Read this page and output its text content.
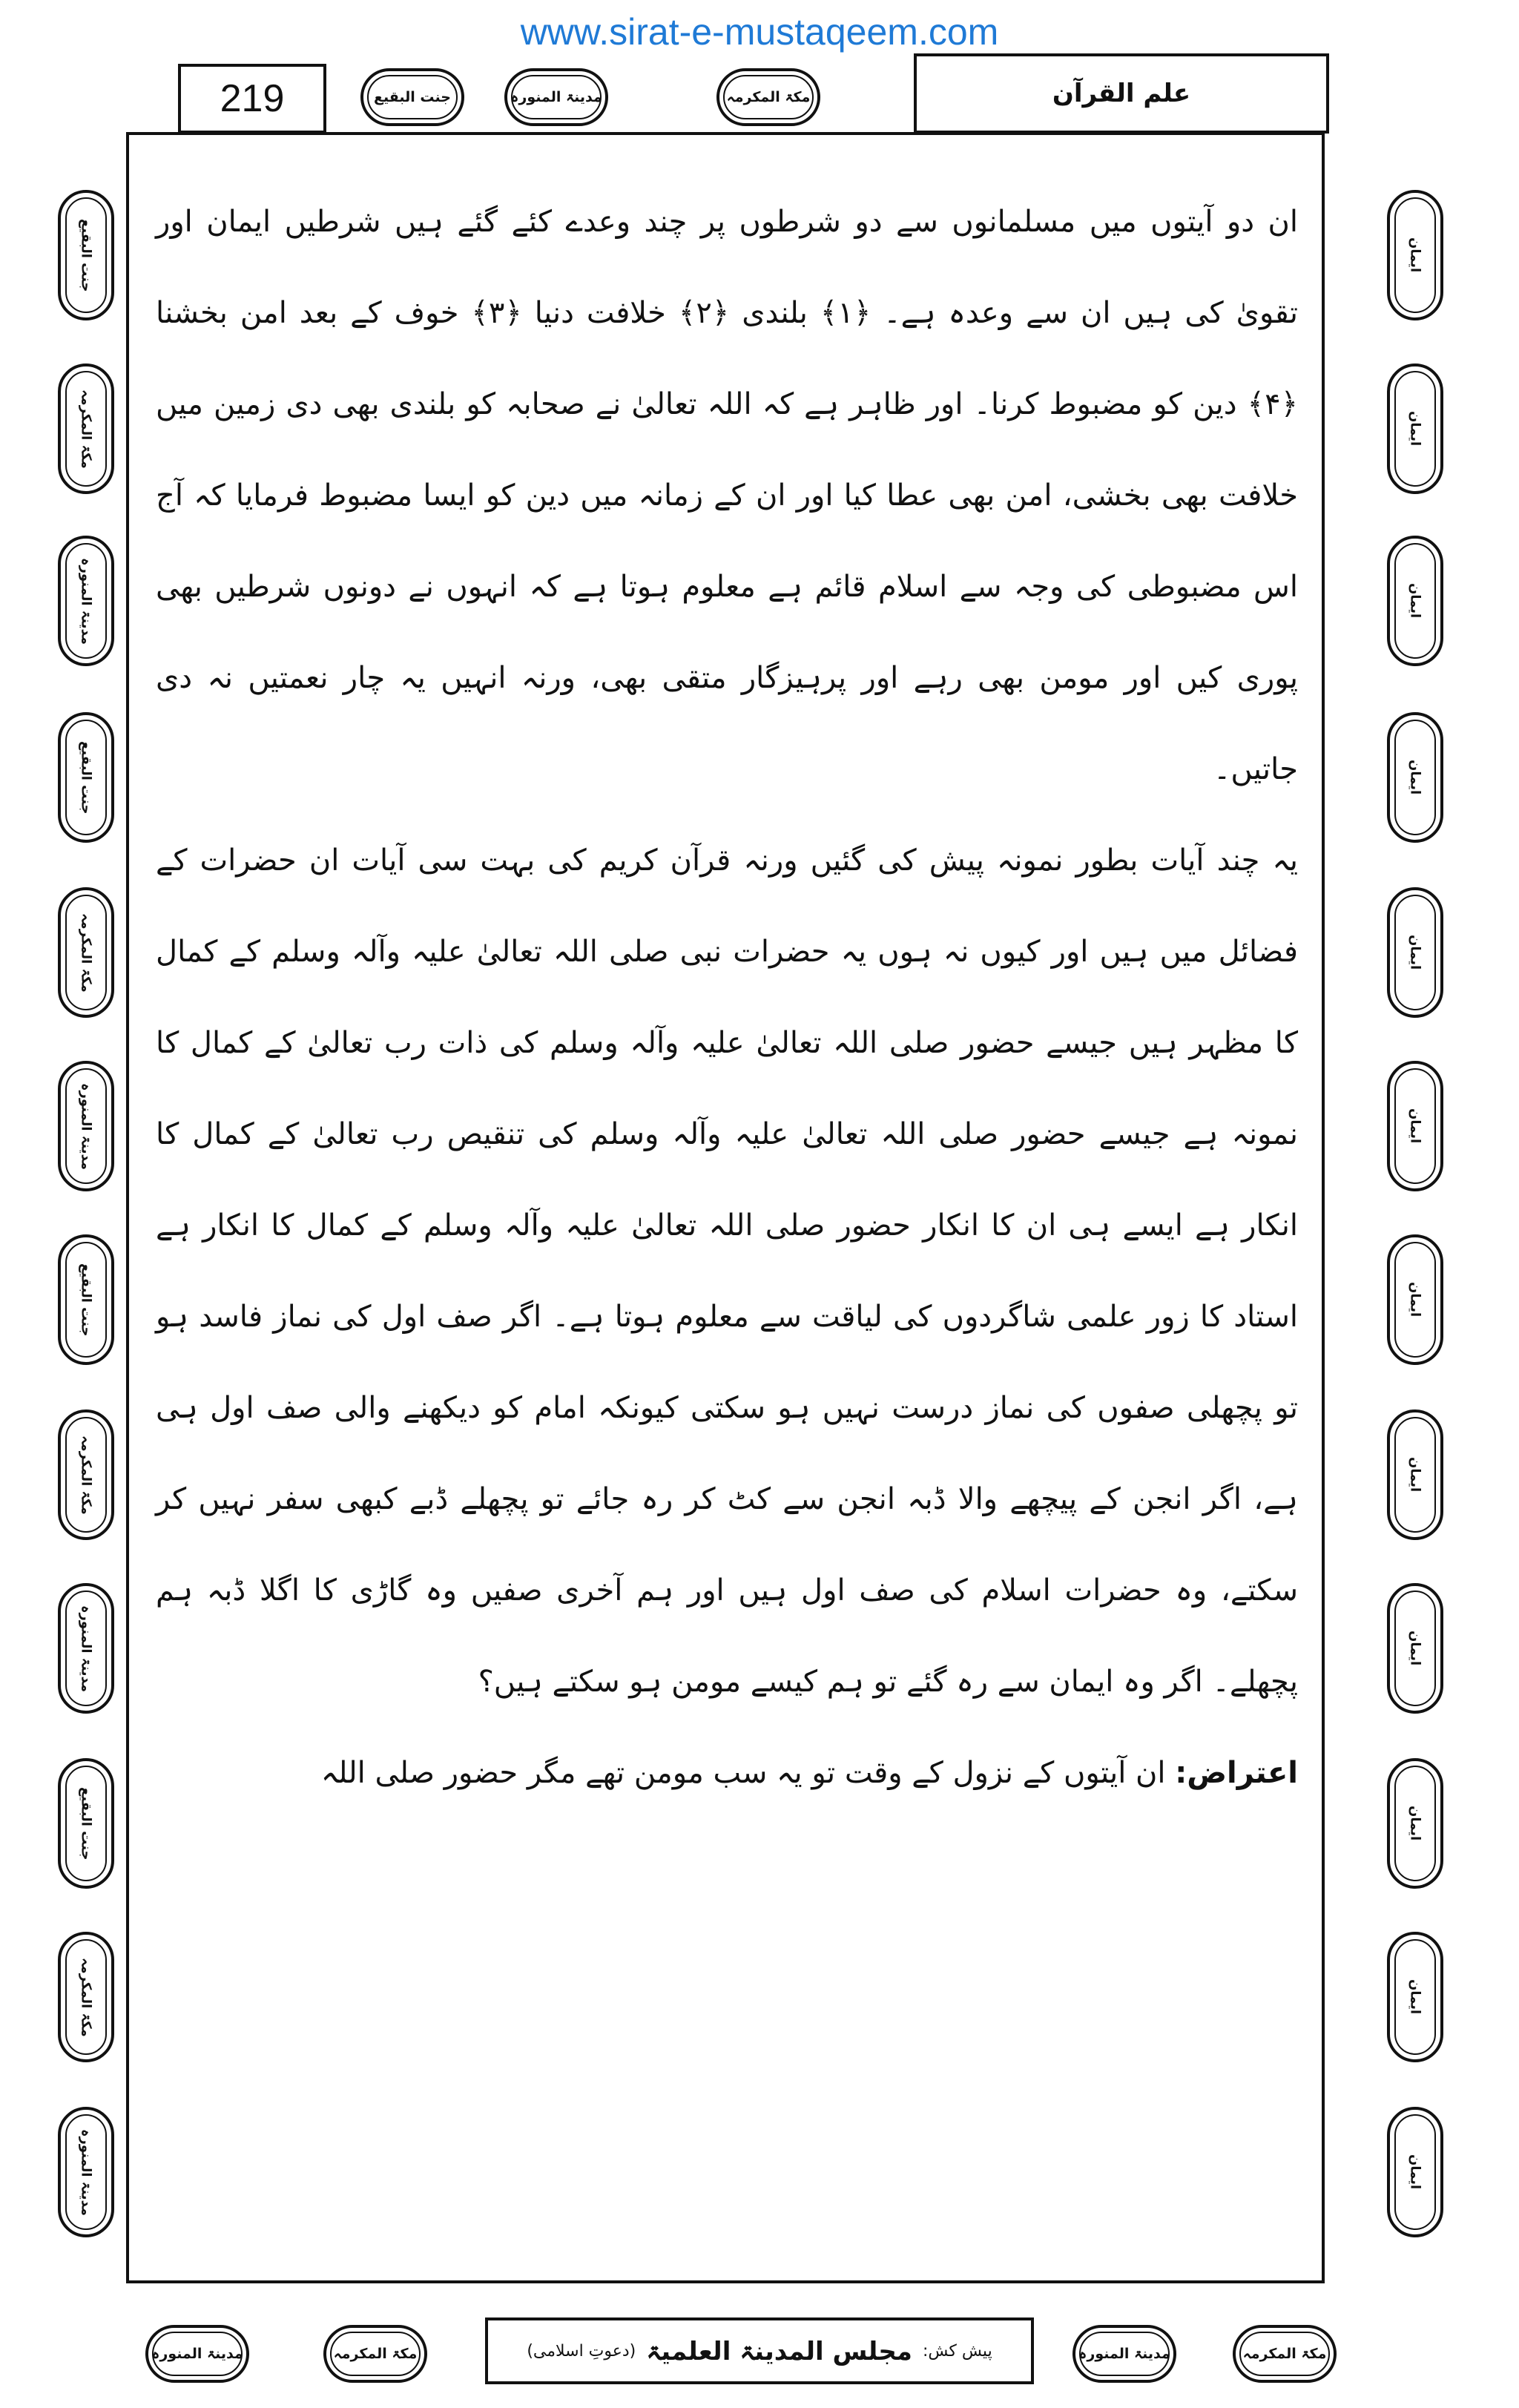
www.sirat-e-mustaqeem.com
219	جنت البقیع	مدینۃ المنورہ	مکۃ المکرمہ	علم القرآن

ان دو آیتوں میں مسلمانوں سے دو شرطوں پر چند وعدے کئے گئے ہیں شرطیں ایمان اور تقویٰ کی ہیں ان سے وعدہ ہے۔ ﴿۱﴾ بلندی ﴿۲﴾ خلافت دنیا ﴿۳﴾ خوف کے بعد امن بخشنا ﴿۴﴾ دین کو مضبوط کرنا۔ اور ظاہر ہے کہ اللہ تعالیٰ نے صحابہ کو بلندی بھی دی زمین میں خلافت بھی بخشی، امن بھی عطا کیا اور ان کے زمانہ میں دین کو ایسا مضبوط فرمایا کہ آج اس مضبوطی کی وجہ سے اسلام قائم ہے معلوم ہوتا ہے کہ انہوں نے دونوں شرطیں بھی پوری کیں اور مومن بھی رہے اور پرہیزگار متقی بھی، ورنہ انہیں یہ چار نعمتیں نہ دی جاتیں۔

یہ چند آیات بطور نمونہ پیش کی گئیں ورنہ قرآن کریم کی بہت سی آیات ان حضرات کے فضائل میں ہیں اور کیوں نہ ہوں یہ حضرات نبی صلی اللہ تعالیٰ علیہ وآلہ وسلم کے کمال کا مظہر ہیں جیسے حضور صلی اللہ تعالیٰ علیہ وآلہ وسلم کی ذات رب تعالیٰ کے کمال کا نمونہ ہے جیسے حضور صلی اللہ تعالیٰ علیہ وآلہ وسلم کی تنقیص رب تعالیٰ کے کمال کا انکار ہے ایسے ہی ان کا انکار حضور صلی اللہ تعالیٰ علیہ وآلہ وسلم کے کمال کا انکار ہے استاد کا زور علمی شاگردوں کی لیاقت سے معلوم ہوتا ہے۔ اگر صف اول کی نماز فاسد ہو تو پچھلی صفوں کی نماز درست نہیں ہو سکتی کیونکہ امام کو دیکھنے والی صف اول ہی ہے، اگر انجن کے پیچھے والا ڈبہ انجن سے کٹ کر رہ جائے تو پچھلے ڈبے کبھی سفر نہیں کر سکتے، وہ حضرات اسلام کی صف اول ہیں اور ہم آخری صفیں وہ گاڑی کا اگلا ڈبہ ہم پچھلے۔ اگر وہ ایمان سے رہ گئے تو ہم کیسے مومن ہو سکتے ہیں؟

اعتراض: ان آیتوں کے نزول کے وقت تو یہ سب مومن تھے مگر حضور صلی اللہ

جنت البقیع
مکۃ المکرمہ
مدینۃ المنورہ
جنت البقیع
مکۃ المکرمہ
مدینۃ المنورہ
جنت البقیع
مکۃ المکرمہ
مدینۃ المنورہ
جنت البقیع
مکۃ المکرمہ
مدینۃ المنورہ
ایمان
ایمان
ایمان
ایمان
ایمان
ایمان
ایمان
ایمان
ایمان
ایمان
ایمان
ایمان
مدینۃ المنورہ	مکۃ المکرمہ	پیش کش:
مجلس المدینۃ العلمیۃ
(دعوتِ اسلامی)	مدینۃ المنورہ	مکۃ المکرمہ
